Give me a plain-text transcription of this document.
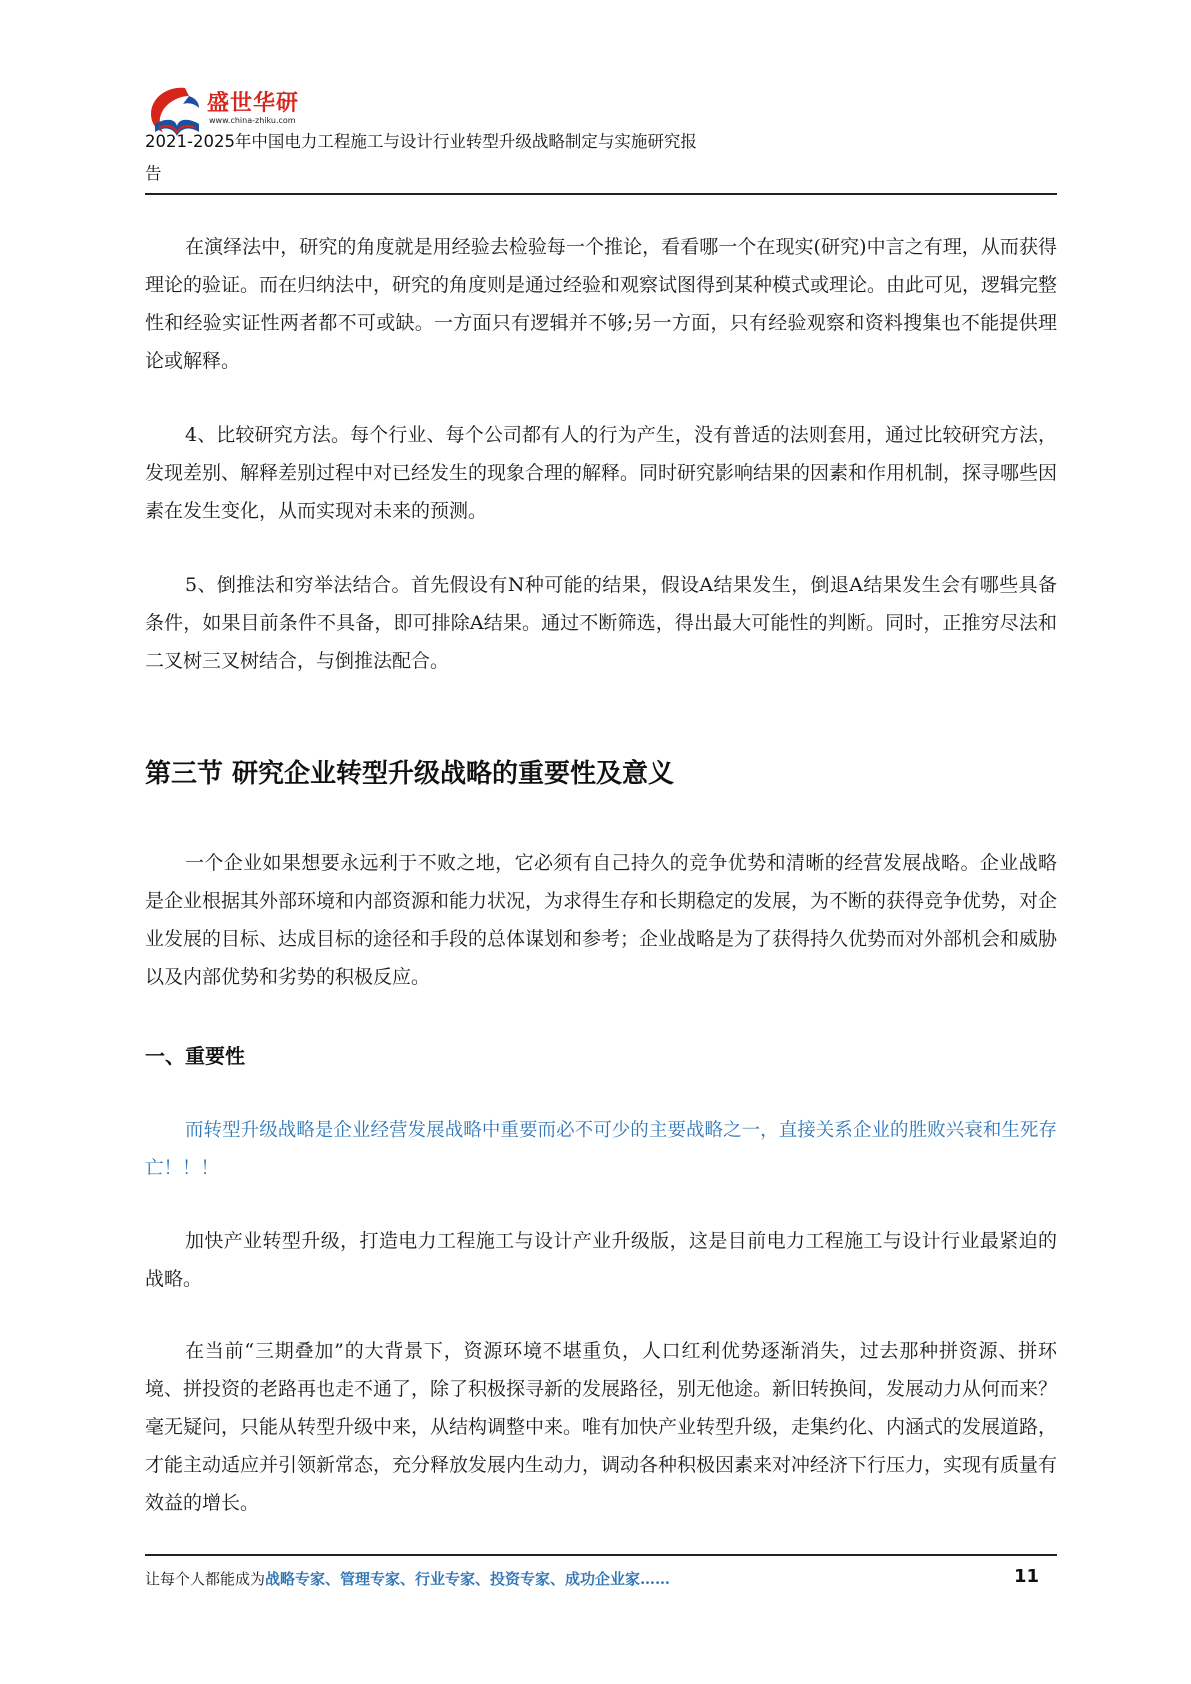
盛世华研
www.china-zhiku.com
2021-2025年中国电力工程施工与设计行业转型升级战略制定与实施研究报
告

在演绎法中，研究的角度就是用经验去检验每一个推论，看看哪一个在现实(研究)中言之有理，从而获得理论的验证。而在归纳法中，研究的角度则是通过经验和观察试图得到某种模式或理论。由此可见，逻辑完整性和经验实证性两者都不可或缺。一方面只有逻辑并不够;另一方面，只有经验观察和资料搜集也不能提供理论或解释。

4、比较研究方法。每个行业、每个公司都有人的行为产生，没有普适的法则套用，通过比较研究方法，发现差别、解释差别过程中对已经发生的现象合理的解释。同时研究影响结果的因素和作用机制，探寻哪些因素在发生变化，从而实现对未来的预测。

5、倒推法和穷举法结合。首先假设有N种可能的结果，假设A结果发生，倒退A结果发生会有哪些具备条件，如果目前条件不具备，即可排除A结果。通过不断筛选，得出最大可能性的判断。同时，正推穷尽法和二叉树三叉树结合，与倒推法配合。

第三节 研究企业转型升级战略的重要性及意义

一个企业如果想要永远利于不败之地，它必须有自己持久的竞争优势和清晰的经营发展战略。企业战略是企业根据其外部环境和内部资源和能力状况，为求得生存和长期稳定的发展，为不断的获得竞争优势，对企业发展的目标、达成目标的途径和手段的总体谋划和参考；企业战略是为了获得持久优势而对外部机会和威胁以及内部优势和劣势的积极反应。

一、重要性

而转型升级战略是企业经营发展战略中重要而必不可少的主要战略之一，直接关系企业的胜败兴衰和生死存亡！！！

加快产业转型升级，打造电力工程施工与设计产业升级版，这是目前电力工程施工与设计行业最紧迫的战略。

在当前“三期叠加”的大背景下，资源环境不堪重负，人口红利优势逐渐消失，过去那种拼资源、拼环境、拼投资的老路再也走不通了，除了积极探寻新的发展路径，别无他途。新旧转换间，发展动力从何而来？毫无疑问，只能从转型升级中来，从结构调整中来。唯有加快产业转型升级，走集约化、内涵式的发展道路，才能主动适应并引领新常态，充分释放发展内生动力，调动各种积极因素来对冲经济下行压力，实现有质量有效益的增长。

让每个人都能成为战略专家、管理专家、行业专家、投资专家、成功企业家……	11
